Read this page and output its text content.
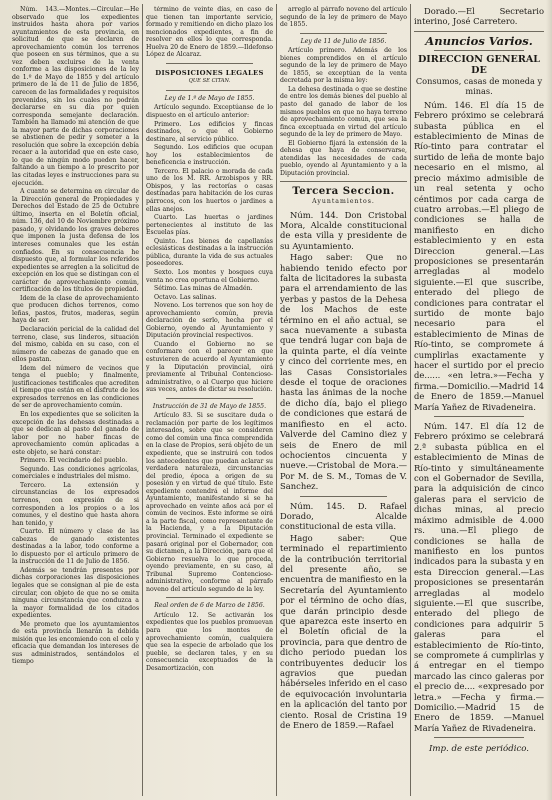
Núm. 143.—Montes.—Circular.—He observado que los expedientes instruidos hasta ahora por varios ayuntamientos de esta provincia, en solicitud de que se declaren de aprovechamiento común los terrenos que poseen en sus términos, que a su vez deben excluirse de la venta conforme a las disposiciones de la ley de 1.º de Mayo de 1855 y del artículo primero de la de 11 de Julio de 1856, carecen de las formalidades y requisitos prevenidos, sin los cuales no podrán declararse en su día por quien corresponda semejante declaración. También ha llamado mi atención de que la mayor parte de dichas corporaciones se abstienen de pedir y someter a la resolución que sobre la excepción debía recaer a la autoridad que en este caso, lo que de ningún modo pueden hacer, faltando a un tiempo a lo prescrito por las citadas leyes e instrucciones para su ejecución.

A cuanto se determina en circular de la Dirección general de Propiedades y Derechos del Estado de 25 de Octubre último, inserta en el Boletín oficial, núm. 136, del 10 de Noviembre próximo pasado, y olvidando los graves deberes que imponen la justa defensa de los intereses comunales que les están confiados. En su consecuencia he dispuesto que, al formular los referidos expedientes se arreglen a la solicitud de excepción en los que se distingan con el carácter de aprovechamiento común, certificación de los títulos de propiedad.

Idem de la clase de aprovechamiento que producen dichos terrenos, como leñas, pastos, frutos, maderas, según haya de ser.

Declaración pericial de la calidad del terreno, clase, sus linderos, situación del mismo, cabida en su caso, con el número de cabezas de ganado que en ellos pastan.

Idem del número de vecinos que tenga el pueblo; y finalmente, justificaciones testificales que acrediten el tiempo que están en el disfrute de los expresados terrenos en las condiciones de ser de aprovechamiento común.

En los expedientes que se soliciten la excepción de las dehesas destinadas a que se dedican al pasto del ganado de labor por no haber fincas de aprovechamiento común aplicadas a este objeto, se hará constar:

Primero. El vecindario del pueblo.

Segundo. Las condiciones agrícolas, comerciales e industriales del mismo.

Tercero. La extensión y circunstancias de los expresados terrenos, con expresión de si corresponden a los propios o a los comunes, y el destino que hasta ahora han tenido, y

Cuarto. El número y clase de las cabezas de ganado existentes destinadas a la labor, todo conforme a lo dispuesto por el artículo primero de la instrucción de 11 de Julio de 1856.

Además se tendrán presentes por dichas corporaciones las disposiciones legales que se consignan al pie de esta circular, con objeto de que no se omita ninguna circunstancia que conduzca a la mayor formalidad de los citados expedientes.

Me prometo que los ayuntamientos de esta provincia llenarán la debida misión que les encomiendo con el celo y eficacia que demandan los intereses de sus administrados, sentándolos el tiempo

término de veinte días, en caso de que tienen tan importante servicio, formado y remitiendo en dicho plazo los mencionados expedientes, a fin de resolver en ellos lo que corresponda. Huelva 20 de Enero de 1859.—Ildefonso López de Alcaraz.

DISPOSICIONES LEGALES
QUE SE CITAN.
Ley de 1.º de Mayo de 1855.

Artículo segundo. Exceptúanse de lo dispuesto en el artículo anterior:

Primero. Los edificios y fincas destinados, o que el Gobierno destinare, al servicio público.

Segundo. Los edificios que ocupan hoy los establecimientos de beneficencia e instrucción.

Tercero. El palacio o morada de cada uno de los M. RR. Arzobispos y RR. Obispos, y las rectorías o casas destinadas para habitación de los curas párrocos, con los huertos o jardines a ellas anejos.

Cuarto. Las huertas o jardines pertenecientes al instituto de las Escuelas pías.

Quinto. Los bienes de capellanías eclesiásticas destinadas a la instrucción pública, durante la vida de sus actuales poseedores.

Sexto. Los montes y bosques cuya venta no crea oportuna el Gobierno.

Sétimo. Las minas de Almadén.

Octavo. Las salinas.

Noveno. Los terrenos que son hoy de aprovechamiento común, previa declaración de serlo, hecha por el Gobierno, oyendo al Ayuntamiento y Diputación provincial respectivos.

Cuando el Gobierno no se conformare con el parecer en que estuvieren de acuerdo el Ayuntamiento y la Diputación provincial, oirá previamente al Tribunal Contencioso-administrativo, o al Cuerpo que hiciere sus veces, antes de dictar su resolución.

Instrucción de 31 de Mayo de 1855.

Artículo 83. Si se suscitare duda o reclamación por parte de los legítimos interesados, sobre que se consideren como del común una finca comprendida en la clase de Propios, será objeto de un expediente, que se instruirá con todos los antecedentes que puedan aclarar su verdadera naturaleza, circunstancias del predio, época a origen de su posesión y en virtud de qué título. Este expediente contendrá el informe del Ayuntamiento, manifestando si se ha aprovechado en veinte años acá por el común de vecinos. Este informe se oirá a la parte fiscal, como representante de la Hacienda, y a la Diputación provincial. Terminado el expediente se pasará original por el Gobernador, con su dictamen, a la Dirección, para que el Gobierno resuelva lo que proceda, oyendo previamente, en su caso, al Tribunal Supremo Contencioso-administrativo, conforme al párrafo noveno del artículo segundo de la ley.

Real orden de 6 de Marzo de 1856.

Artículo 12. Se activarán los expedientes que los pueblos promuevan para que los montes de aprovechamiento común, cualquiera que sea la especie de arbolado que los pueble, se declaren tales, y en su consecuencia exceptuados de la Desamortización, con

arreglo al párrafo noveno del artículo segundo de la ley de primero de Mayo de 1855.

Ley de 11 de Julio de 1856.

Artículo primero. Además de los bienes comprendidos en el artículo segundo de la ley de primero de Mayo de 1855, se exceptúan de la venta decretada por la misma ley:

La dehesa destinada o que se destine de entre los demás bienes del pueblo al pasto del ganado de labor de los mismos pueblos en que no haya terreno de aprovechamiento común, que sea la finca exceptuada en virtud del artículo segundo de la ley de primero de Mayo.

El Gobierno fijará la extensión de la dehesa que haya de conservarse, atendidas las necesidades de cada pueblo, oyendo al Ayuntamiento y a la Diputación provincial.

Tercera Seccion.
Ayuntamientos.

Núm. 144. Don Cristobal Mora, Alcalde constitucional de esta villa y presidente de su Ayuntamiento.

Hago saber: Que no habiendo tenido efecto por falta de licitadores la subasta para el arrendamiento de las yerbas y pastos de la Dehesa de los Machos de este término en el año actual, se saca nuevamente a subasta que tendrá lugar con baja de la quinta parte, el día veinte y cinco del corriente mes, en las Casas Consistoriales desde el toque de oraciones hasta las ánimas de la noche de dicho día, bajo el pliego de condiciones que estará de manifiesto en el acto. Valverde del Camino diez y seis de Enero de mil ochocientos cincuenta y nueve.—Cristobal de Mora.—Por M. de S. M., Tomas de V. Sanchez.

Núm. 145. D. Rafael Dorado, Alcalde constitucional de esta villa.

Hago saber: Que terminado el repartimiento de la contribución territorial del presente año, se encuentra de manifiesto en la Secretaría del Ayuntamiento por el término de ocho días, que darán principio desde que aparezca este inserto en el Boletín oficial de la provincia, para que dentro de dicho periodo puedan los contribuyentes deducir los agravios que puedan hábérseles inferido en el caso de equivocación involuntaria en la aplicación del tanto por ciento. Rosal de Cristina 19 de Enero de 1859.—Rafael

Dorado.—El Secretario interino, José Carretero.

Anuncios Varios.
DIRECCION GENERAL DE
Consumos, casas de moneda y minas.

Núm. 146. El día 15 de Febrero próximo se celebrará subasta pública en el establecimiento de Minas de Río-tinto para contratar el surtido de leña de monte bajo necesario en el mismo, al precio máximo admisible de un real setenta y ocho céntimos por cada carga de cuatro arrobas.—El pliego de condiciones se halla de manifiesto en dicho establecimiento y en esta Direccion general.—Las proposiciones se presentarán arregladas al modelo siguiente.—El que suscribe, enterado del pliego de condiciones para contratar el surtido de monte bajo necesario para el establecimiento de Minas de Río-tinto, se compromete á cumplirlas exactamente y hacer el surtido por el precio de...... «en letra.»—Fecha y firma.—Domicilio.—Madrid 14 de Enero de 1859.—Manuel María Yañez de Rivadeneira.

Núm. 147. El día 12 de Febrero próximo se celebrará 2.ª subasta pública en el establecimiento de Minas de Río-tinto y simultáneamente con el Gobernador de Sevilla, para la adquisición de cinco galeras para el servicio de dichas minas, al precio máximo admisible de 4.000 rs. una.—El pliego de condiciones se halla de manifiesto en los puntos indicados para la subasta y en esta Direccion general.—Las proposiciones se presentarán arregladas al modelo siguiente.—El que suscribe, enterado del pliego de condiciones para adquirir 5 galeras para el establecimiento de Río-tinto, se compromete á cumplirlas y á entregar en el tiempo marcado las cinco galeras por el precio de.... «expresado por letra.» —Fecha y firma.—Domicilio.—Madrid 15 de Enero de 1859. —Manuel María Yañez de Rivadeneira.

Imp. de este periódico.
